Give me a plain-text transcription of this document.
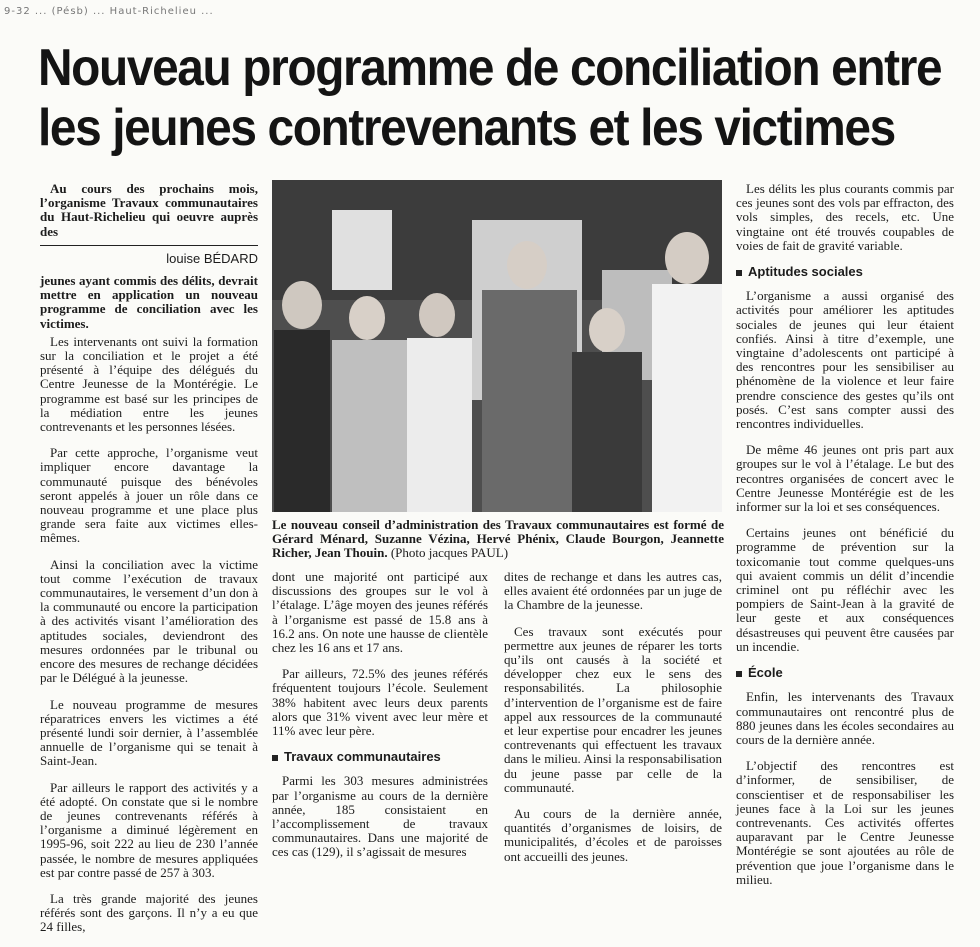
9-32 ... (Pésb) ... Haut-Richelieu ...
Nouveau programme de conciliation entre
les jeunes contrevenants et les victimes

Au cours des prochains mois, l’organisme Travaux communautaires du Haut-Richelieu qui oeuvre auprès des

louise BÉDARD

jeunes ayant commis des délits, devrait mettre en application un nouveau programme de conciliation avec les victimes.

Les intervenants ont suivi la formation sur la conciliation et le projet a été présenté à l’équipe des délégués du Centre Jeunesse de la Montérégie. Le programme est basé sur les principes de la médiation entre les jeunes contrevenants et les personnes lésées.

Par cette approche, l’organisme veut impliquer encore davantage la communauté puisque des bénévoles seront appelés à jouer un rôle dans ce nouveau programme et une place plus grande sera faite aux victimes elles-mêmes.

Ainsi la conciliation avec la victime tout comme l’exécution de travaux communautaires, le versement d’un don à la communauté ou encore la participation à des activités visant l’amélioration des aptitudes sociales, deviendront des mesures ordonnées par le tribunal ou encore des mesures de rechange décidées par le Délégué à la jeunesse.

Le nouveau programme de mesures réparatrices envers les victimes a été présenté lundi soir dernier, à l’assemblée annuelle de l’organisme qui se tenait à Saint-Jean.

Par ailleurs le rapport des activités y a été adopté. On constate que si le nombre de jeunes contrevenants référés à l’organisme a diminué légèrement en 1995-96, soit 222 au lieu de 230 l’année passée, le nombre de mesures appliquées est par contre passé de 257 à 303.

La très grande majorité des jeunes référés sont des garçons. Il n’y a eu que 24 filles,

Le nouveau conseil d’administration des Travaux communautaires est formé de Gérard Ménard, Suzanne Vézina, Hervé Phénix, Claude Bourgon, Jeannette Richer, Jean Thouin. (Photo jacques PAUL)

dont une majorité ont participé aux discussions des groupes sur le vol à l’étalage. L’âge moyen des jeunes référés à l’organisme est passé de 15.8 ans à 16.2 ans. On note une hausse de clientèle chez les 16 ans et 17 ans.

Par ailleurs, 72.5% des jeunes référés fréquentent toujours l’école. Seulement 38% habitent avec leurs deux parents alors que 31% vivent avec leur mère et 11% avec leur père.

Travaux communautaires

Parmi les 303 mesures administrées par l’organisme au cours de la dernière année, 185 consistaient en l’accomplissement de travaux communautaires. Dans une majorité de ces cas (129), il s’agissait de mesures

dites de rechange et dans les autres cas, elles avaient été ordonnées par un juge de la Chambre de la jeunesse.

Ces travaux sont exécutés pour permettre aux jeunes de réparer les torts qu’ils ont causés à la société et développer chez eux le sens des responsabilités. La philosophie d’intervention de l’organisme est de faire appel aux ressources de la communauté et leur expertise pour encadrer les jeunes contrevenants qui effectuent les travaux dans le milieu. Ainsi la responsabilisation du jeune passe par celle de la communauté.

Au cours de la dernière année, quantités d’organismes de loisirs, de municipalités, d’écoles et de paroisses ont accueilli des jeunes.

Les délits les plus courants commis par ces jeunes sont des vols par effracton, des vols simples, des recels, etc. Une vingtaine ont été trouvés coupables de voies de fait de gravité variable.

Aptitudes sociales

L’organisme a aussi organisé des activités pour améliorer les aptitudes sociales de jeunes qui leur étaient confiés. Ainsi à titre d’exemple, une vingtaine d’adolescents ont participé à des rencontres pour les sensibiliser au phénomène de la violence et leur faire prendre conscience des gestes qu’ils ont posés. C’est sans compter aussi des rencontres individuelles.

De même 46 jeunes ont pris part aux groupes sur le vol à l’étalage. Le but des recontres organisées de concert avec le Centre Jeunesse Montérégie est de les informer sur la loi et ses conséquences.

Certains jeunes ont bénéficié du programme de prévention sur la toxicomanie tout comme quelques-uns qui avaient commis un délit d’incendie criminel ont pu réfléchir avec les pompiers de Saint-Jean à la gravité de leur geste et aux conséquences désastreuses qui peuvent être causées par un incendie.

École

Enfin, les intervenants des Travaux communautaires ont rencontré plus de 880 jeunes dans les écoles secondaires au cours de la dernière année.

L’objectif des rencontres est d’informer, de sensibiliser, de conscientiser et de responsabiliser les jeunes face à la Loi sur les jeunes contrevenants. Ces activités offertes auparavant par le Centre Jeunesse Montérégie se sont ajoutées au rôle de prévention que joue l’organisme dans le milieu.
